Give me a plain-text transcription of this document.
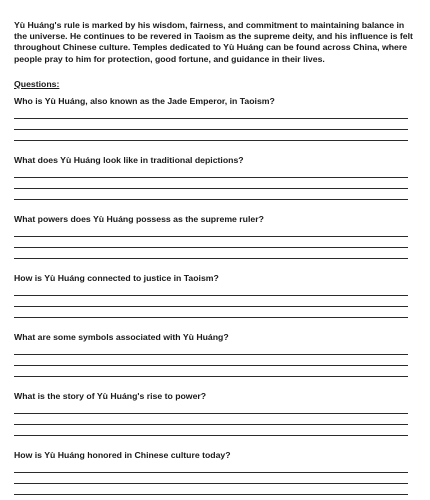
Yù Huáng's rule is marked by his wisdom, fairness, and commitment to maintaining balance in the universe. He continues to be revered in Taoism as the supreme deity, and his influence is felt throughout Chinese culture. Temples dedicated to Yù Huáng can be found across China, where people pray to him for protection, good fortune, and guidance in their lives.

Questions:

Who is Yù Huáng, also known as the Jade Emperor, in Taoism?

What does Yù Huáng look like in traditional depictions?

What powers does Yù Huáng possess as the supreme ruler?

How is Yù Huáng connected to justice in Taoism?

What are some symbols associated with Yù Huáng?

What is the story of Yù Huáng's rise to power?

How is Yù Huáng honored in Chinese culture today?
